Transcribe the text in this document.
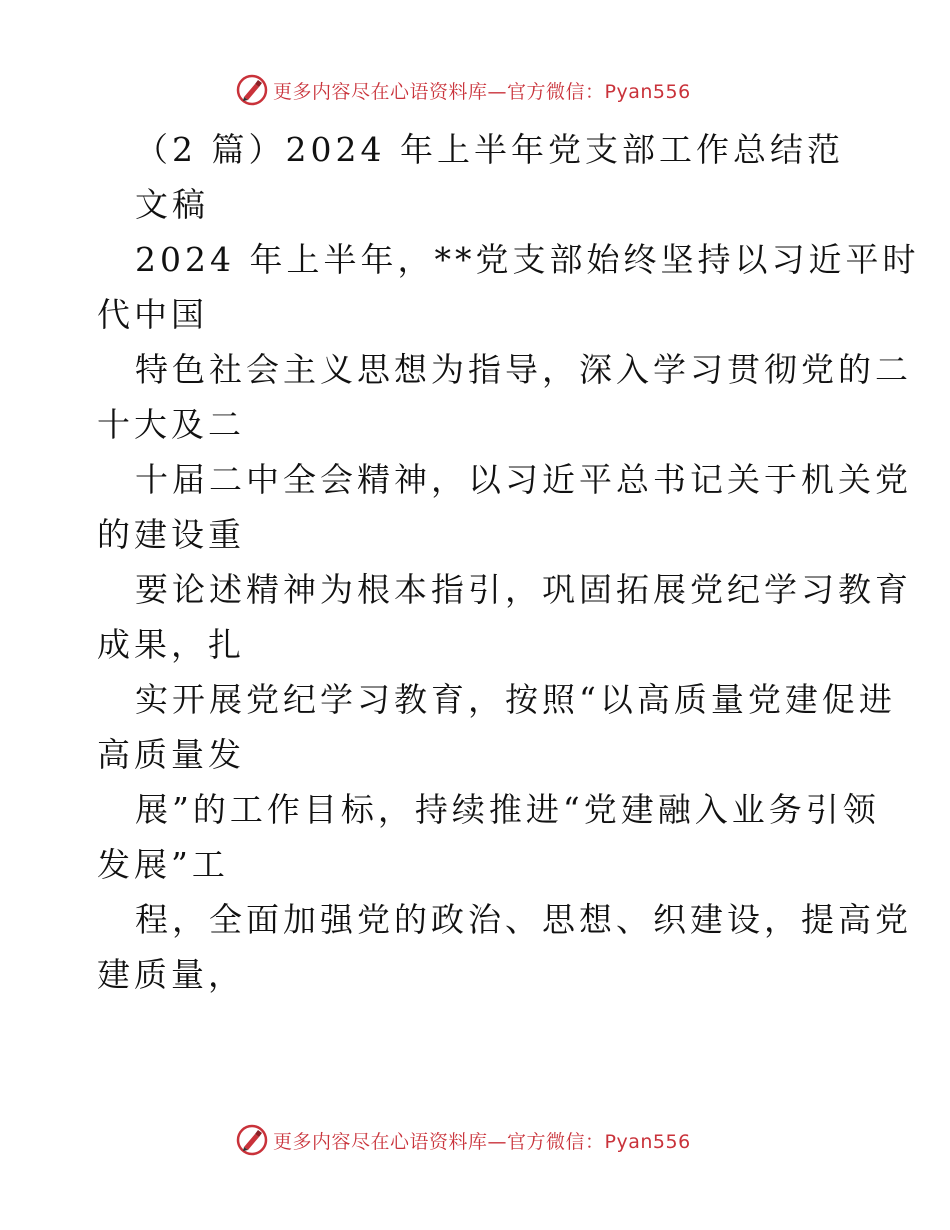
更多内容尽在心语资料库—官方微信：Pyan556

（2 篇）2024 年上半年党支部工作总结范

文稿

2024 年上半年，**党支部始终坚持以习近平时

代中国

特色社会主义思想为指导，深入学习贯彻党的二

十大及二

十届二中全会精神，以习近平总书记关于机关党

的建设重

要论述精神为根本指引，巩固拓展党纪学习教育

成果，扎

实开展党纪学习教育，按照“以高质量党建促进

高质量发

展”的工作目标，持续推进“党建融入业务引领

发展”工

程，全面加强党的政治、思想、织建设，提高党

建质量，

更多内容尽在心语资料库—官方微信：Pyan556
